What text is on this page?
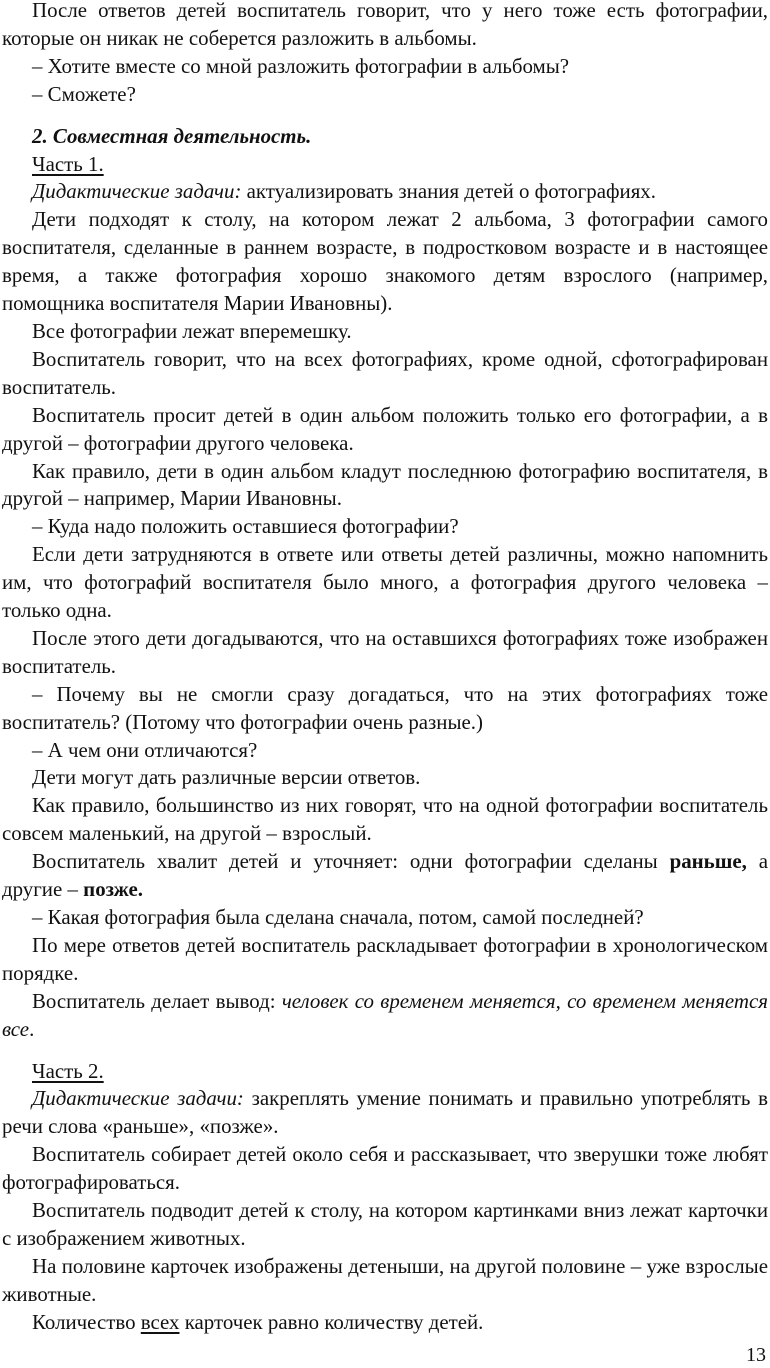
После ответов детей воспитатель говорит, что у него тоже есть фотографии, которые он никак не соберется разложить в альбомы.

– Хотите вместе со мной разложить фотографии в альбомы?

– Сможете?

2. Совместная деятельность.

Часть 1.

Дидактические задачи: актуализировать знания детей о фотографиях.

Дети подходят к столу, на котором лежат 2 альбома, 3 фотографии самого воспитателя, сделанные в раннем возрасте, в подростковом возрасте и в настоящее время, а также фотография хорошо знакомого детям взрослого (например, помощника воспитателя Марии Ивановны).

Все фотографии лежат вперемешку.

Воспитатель говорит, что на всех фотографиях, кроме одной, сфотографирован воспитатель.

Воспитатель просит детей в один альбом положить только его фотографии, а в другой – фотографии другого человека.

Как правило, дети в один альбом кладут последнюю фотографию воспитателя, в другой – например, Марии Ивановны.

– Куда надо положить оставшиеся фотографии?

Если дети затрудняются в ответе или ответы детей различны, можно напомнить им, что фотографий воспитателя было много, а фотография другого человека – только одна.

После этого дети догадываются, что на оставшихся фотографиях тоже изображен воспитатель.

– Почему вы не смогли сразу догадаться, что на этих фотографиях тоже воспитатель? (Потому что фотографии очень разные.)

– А чем они отличаются?

Дети могут дать различные версии ответов.

Как правило, большинство из них говорят, что на одной фотографии воспитатель совсем маленький, на другой – взрослый.

Воспитатель хвалит детей и уточняет: одни фотографии сделаны раньше, а другие – позже.

– Какая фотография была сделана сначала, потом, самой последней?

По мере ответов детей воспитатель раскладывает фотографии в хронологическом порядке.

Воспитатель делает вывод: человек со временем меняется, со временем меняется все.

Часть 2.

Дидактические задачи: закреплять умение понимать и правильно употреблять в речи слова «раньше», «позже».

Воспитатель собирает детей около себя и рассказывает, что зверушки тоже любят фотографироваться.

Воспитатель подводит детей к столу, на котором картинками вниз лежат карточки с изображением животных.

На половине карточек изображены детеныши, на другой половине – уже взрослые животные.

Количество всех карточек равно количеству детей.

13
